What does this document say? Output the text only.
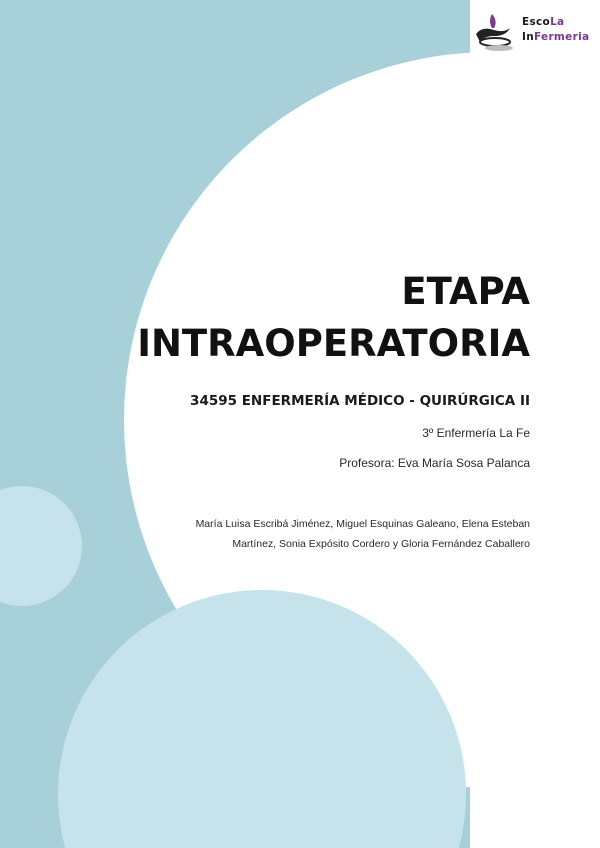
EscoLa
InFermeria
ETAPA
INTRAOPERATORIA
34595 ENFERMERÍA MÉDICO - QUIRÚRGICA II
3º Enfermería La Fe
Profesora: Eva María Sosa Palanca
María Luisa Escribá Jiménez, Miguel Esquinas Galeano, Elena Esteban
Martínez, Sonia Expósito Cordero y Gloria Fernández Caballero
